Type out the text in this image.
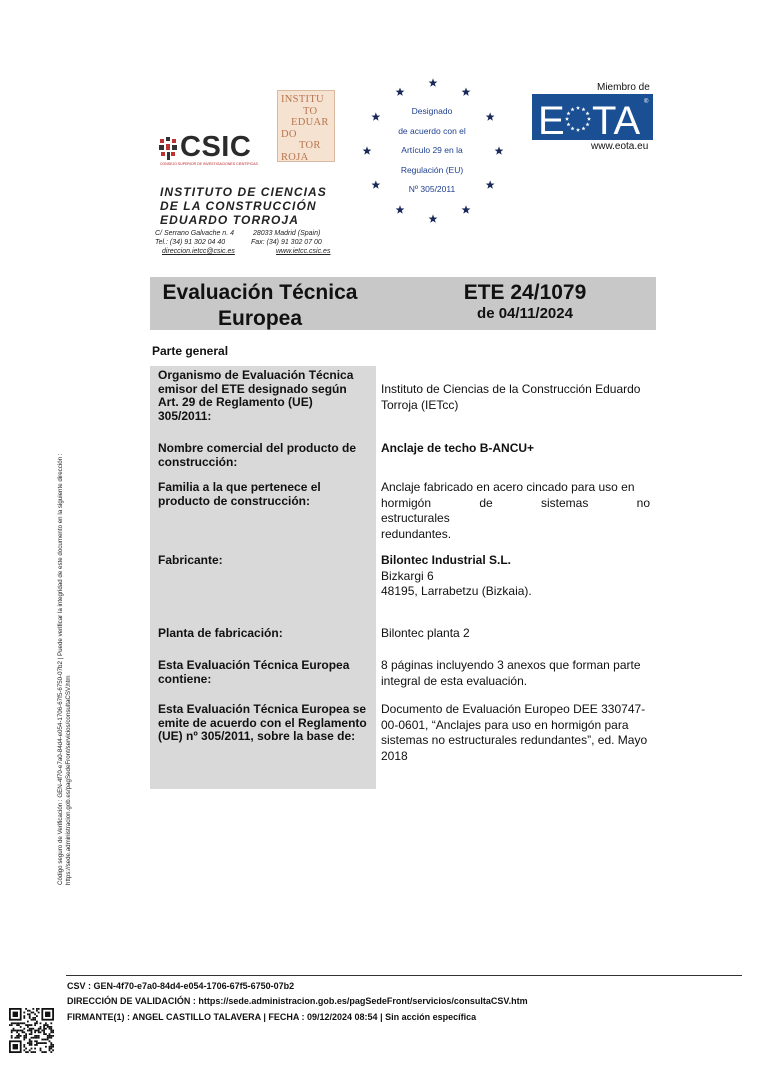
CSIC
CONSEJO SUPERIOR DE INVESTIGACIONES CIENTÍFICAS
INSTITU
TO
EDUAR
DO
TOR
ROJA
INSTITUTO DE CIENCIAS
DE LA CONSTRUCCIÓN
EDUARDO TORROJA
C/ Serrano Galvache n. 4	28033 Madrid (Spain)
Tel.: (34) 91 302 04 40	Fax: (34) 91 302 07 00
direccion.ietcc@csic.es	www.ietcc.csic.es
Designado
de acuerdo con el
Artículo 29 en la
Regulación (EU)
Nº 305/2011
Miembro de
E TA ®
www.eota.eu
Evaluación Técnica
Europea
ETE 24/1079
de 04/11/2024
Parte general
Organismo de Evaluación Técnica
emisor del ETE designado según
Art. 29 de Reglamento (UE)
305/2011:
Instituto de Ciencias de la Construcción Eduardo
Torroja (IETcc)
Nombre comercial del producto de
construcción:
Anclaje de techo B-ANCU+
Familia a la que pertenece el
producto de construcción:
Anclaje fabricado en acero cincado para uso en
hormigón de sistemas no estructurales
redundantes.
Fabricante:	Bilontec Industrial S.L.
Bizkargi 6
48195, Larrabetzu (Bizkaia).
Planta de fabricación:	Bilontec planta 2
Esta Evaluación Técnica Europea
contiene:
8 páginas incluyendo 3 anexos que forman parte
integral de esta evaluación.
Esta Evaluación Técnica Europea se
emite de acuerdo con el Reglamento
(UE) nº 305/2011, sobre la base de:
Documento de Evaluación Europeo DEE 330747-
00-0601, “Anclajes para uso en hormigón para
sistemas no estructurales redundantes”, ed. Mayo
2018
Código seguro de Verificación : GEN-4f70-e7a0-84d4-e054-1706-67f5-6750-07b2 | Puede verificar la integridad de este documento en la siguiente dirección : https://sede.administracion.gob.es/pagSedeFront/servicios/consultaCSV.htm
CSV : GEN-4f70-e7a0-84d4-e054-1706-67f5-6750-07b2
DIRECCIÓN DE VALIDACIÓN : https://sede.administracion.gob.es/pagSedeFront/servicios/consultaCSV.htm
FIRMANTE(1) : ANGEL CASTILLO TALAVERA | FECHA : 09/12/2024 08:54 | Sin acción específica
